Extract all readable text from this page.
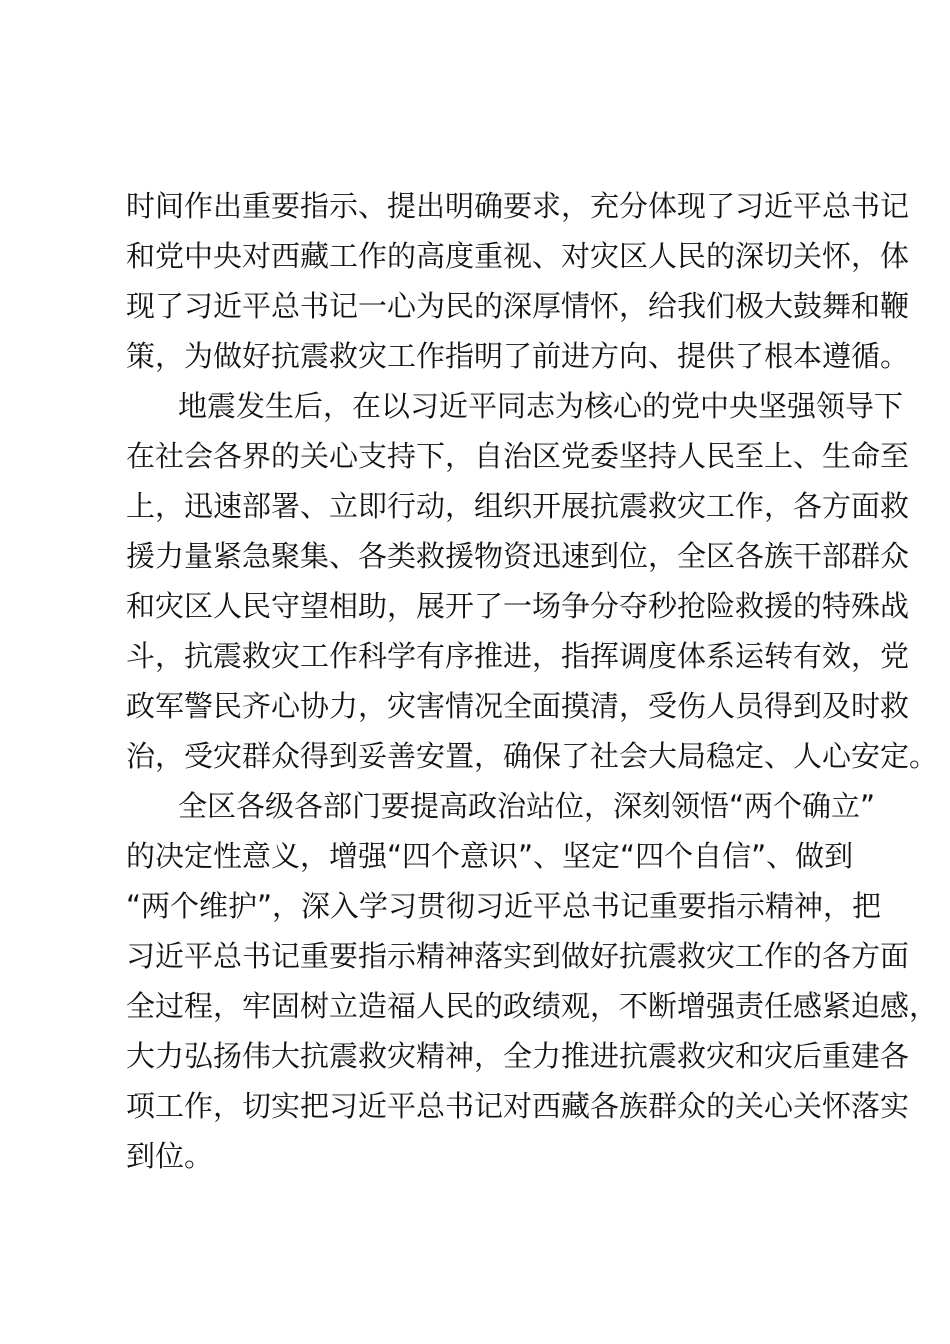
时间作出重要指示、提出明确要求，充分体现了习近平总书记
和党中央对西藏工作的高度重视、对灾区人民的深切关怀，体
现了习近平总书记一心为民的深厚情怀，给我们极大鼓舞和鞭
策，为做好抗震救灾工作指明了前进方向、提供了根本遵循。
地震发生后，在以习近平同志为核心的党中央坚强领导下
在社会各界的关心支持下，自治区党委坚持人民至上、生命至
上，迅速部署、立即行动，组织开展抗震救灾工作，各方面救
援力量紧急聚集、各类救援物资迅速到位，全区各族干部群众
和灾区人民守望相助，展开了一场争分夺秒抢险救援的特殊战
斗，抗震救灾工作科学有序推进，指挥调度体系运转有效，党
政军警民齐心协力，灾害情况全面摸清，受伤人员得到及时救
治，受灾群众得到妥善安置，确保了社会大局稳定、人心安定。
全区各级各部门要提高政治站位，深刻领悟“两个确立”
的决定性意义，增强“四个意识”、坚定“四个自信”、做到
“两个维护”，深入学习贯彻习近平总书记重要指示精神，把
习近平总书记重要指示精神落实到做好抗震救灾工作的各方面
全过程，牢固树立造福人民的政绩观，不断增强责任感紧迫感，
大力弘扬伟大抗震救灾精神，全力推进抗震救灾和灾后重建各
项工作，切实把习近平总书记对西藏各族群众的关心关怀落实
到位。
